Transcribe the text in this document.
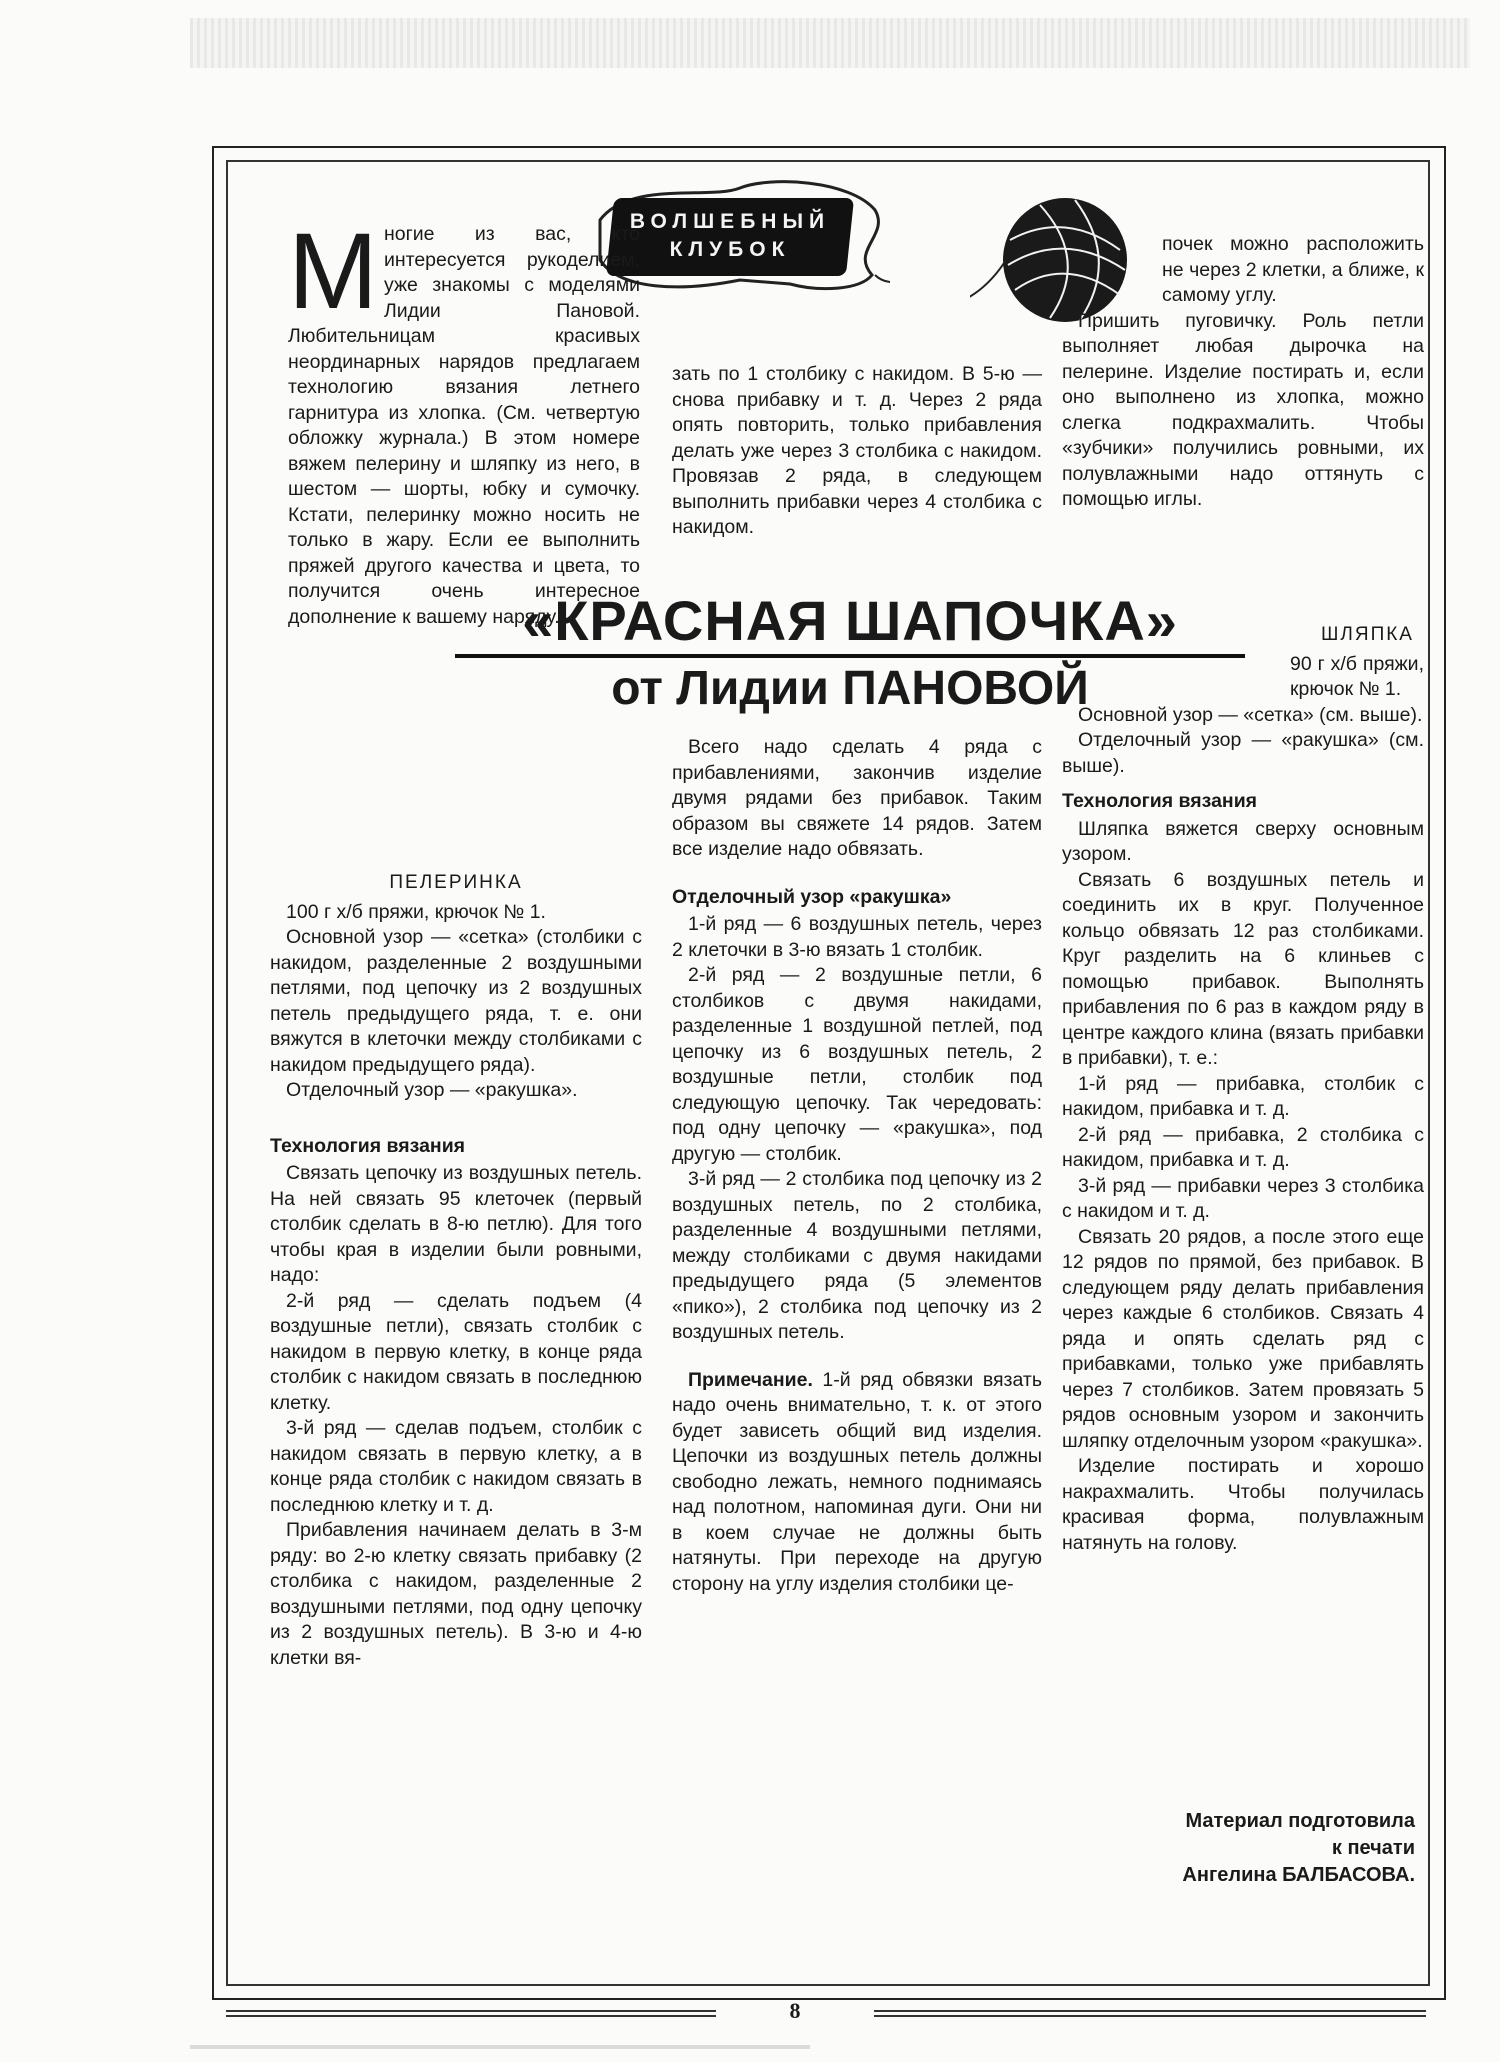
ВОЛШЕБНЫЙ
КЛУБОК

Многие из вас, кто интересуется рукоделием, уже знакомы с моделями Лидии Пановой. Любительницам красивых неординарных нарядов предлагаем технологию вязания летнего гарнитура из хлопка. (См. четвертую обложку журнала.) В этом номере вяжем пелерину и шляпку из него, в шестом — шорты, юбку и сумочку. Кстати, пелеринку можно носить не только в жару. Если ее выполнить пряжей другого качества и цвета, то получится очень интересное дополнение к вашему наряду.

ПЕЛЕРИНКА

100 г х/б пряжи, крючок № 1.

Основной узор — «сетка» (столбики с накидом, разделенные 2 воздушными петлями, под цепочку из 2 воздушных петель предыдущего ряда, т. е. они вяжутся в клеточки между столбиками с накидом предыдущего ряда).

Отделочный узор — «ракушка».

Технология вязания

Связать цепочку из воздушных петель. На ней связать 95 клеточек (первый столбик сделать в 8-ю петлю). Для того чтобы края в изделии были ровными, надо:

2-й ряд — сделать подъем (4 воздушные петли), связать столбик с накидом в первую клетку, в конце ряда столбик с накидом связать в последнюю клетку.

3-й ряд — сделав подъем, столбик с накидом связать в первую клетку, а в конце ряда столбик с накидом связать в последнюю клетку и т. д.

Прибавления начинаем делать в 3-м ряду: во 2-ю клетку связать прибавку (2 столбика с накидом, разделенные 2 воздушными петлями, под одну цепочку из 2 воздушных петель). В 3-ю и 4-ю клетки вя-

зать по 1 столбику с накидом. В 5-ю — снова прибавку и т. д. Через 2 ряда опять повторить, только прибавления делать уже через 3 столбика с накидом. Провязав 2 ряда, в следующем выполнить прибавки через 4 столбика с накидом.

«КРАСНАЯ ШАПОЧКА»
от Лидии ПАНОВОЙ

Всего надо сделать 4 ряда с прибавлениями, закончив изделие двумя рядами без прибавок. Таким образом вы свяжете 14 рядов. Затем все изделие надо обвязать.

Отделочный узор «ракушка»

1-й ряд — 6 воздушных петель, через 2 клеточки в 3-ю вязать 1 столбик.

2-й ряд — 2 воздушные петли, 6 столбиков с двумя накидами, разделенные 1 воздушной петлей, под цепочку из 6 воздушных петель, 2 воздушные петли, столбик под следующую цепочку. Так чередовать: под одну цепочку — «ракушка», под другую — столбик.

3-й ряд — 2 столбика под цепочку из 2 воздушных петель, по 2 столбика, разделенные 4 воздушными петлями, между столбиками с двумя накидами предыдущего ряда (5 элементов «пико»), 2 столбика под цепочку из 2 воздушных петель.

Примечание. 1-й ряд обвязки вязать надо очень внимательно, т. к. от этого будет зависеть общий вид изделия. Цепочки из воздушных петель должны свободно лежать, немного поднимаясь над полотном, напоминая дуги. Они ни в коем случае не должны быть натянуты. При переходе на другую сторону на углу изделия столбики це-

почек можно расположить не через 2 клетки, а ближе, к самому углу.

Пришить пуговичку. Роль петли выполняет любая дырочка на пелерине. Изделие постирать и, если оно выполнено из хлопка, можно слегка подкрахмалить. Чтобы «зубчики» получились ровными, их полувлажными надо оттянуть с помощью иглы.

ШЛЯПКА

90 г х/б пряжи, крючок № 1.

Основной узор — «сетка» (см. выше).

Отделочный узор — «ракушка» (см. выше).

Технология вязания

Шляпка вяжется сверху основным узором.

Связать 6 воздушных петель и соединить их в круг. Полученное кольцо обвязать 12 раз столбиками. Круг разделить на 6 клиньев с помощью прибавок. Выполнять прибавления по 6 раз в каждом ряду в центре каждого клина (вязать прибавки в прибавки), т. е.:

1-й ряд — прибавка, столбик с накидом, прибавка и т. д.

2-й ряд — прибавка, 2 столбика с накидом, прибавка и т. д.

3-й ряд — прибавки через 3 столбика с накидом и т. д.

Связать 20 рядов, а после этого еще 12 рядов по прямой, без прибавок. В следующем ряду делать прибавления через каждые 6 столбиков. Связать 4 ряда и опять сделать ряд с прибавками, только уже прибавлять через 7 столбиков. Затем провязать 5 рядов основным узором и закончить шляпку отделочным узором «ракушка».

Изделие постирать и хорошо накрахмалить. Чтобы получилась красивая форма, полувлажным натянуть на голову.

Материал подготовила
к печати
Ангелина БАЛБАСОВА.
8
